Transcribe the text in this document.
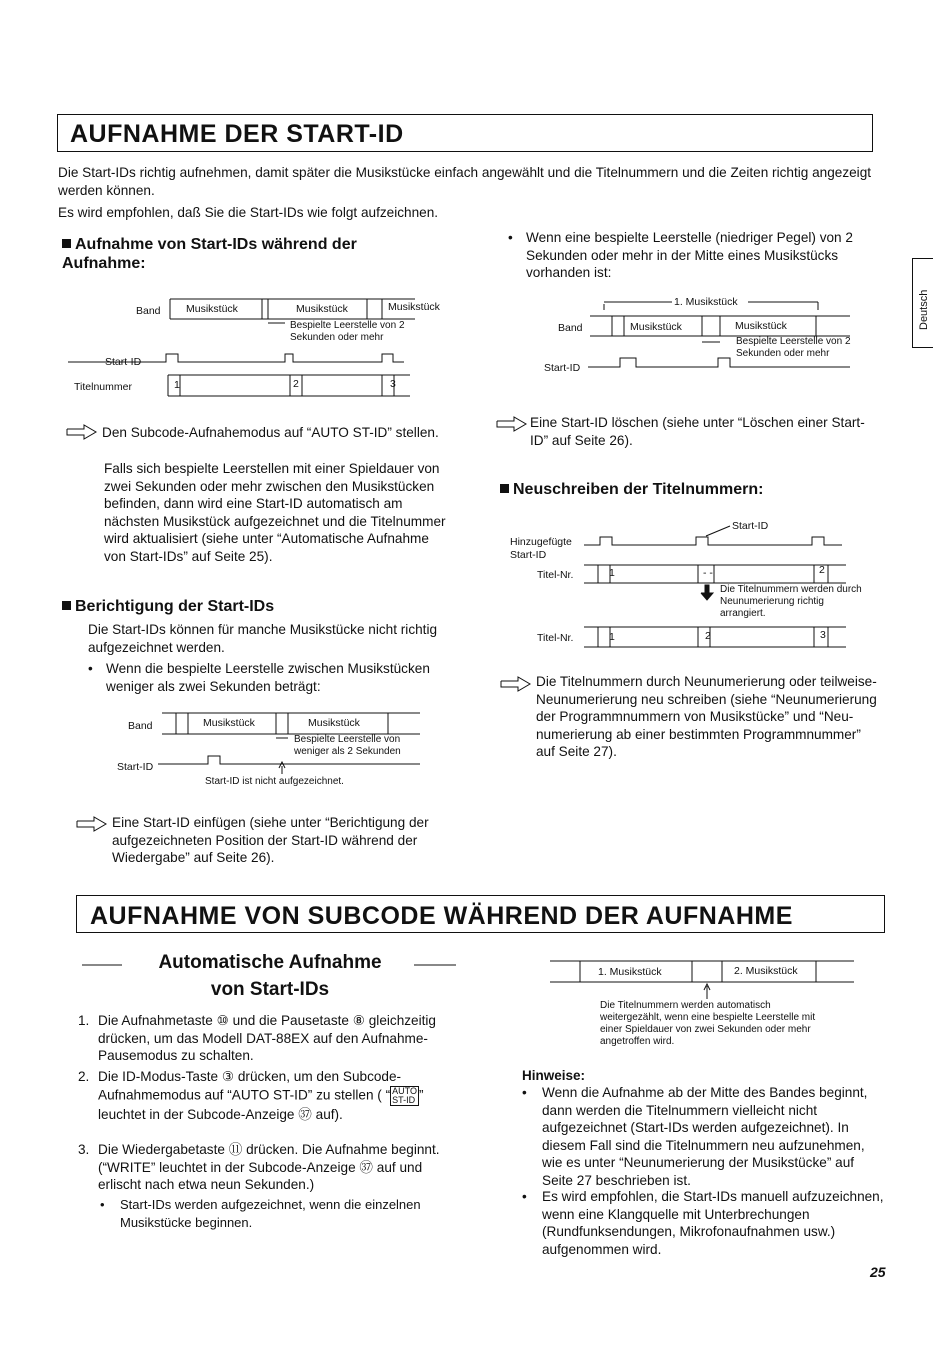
AUFNAHME DER START-ID
Die Start-IDs richtig aufnehmen, damit später die Musikstücke einfach angewählt und die Titelnummern und die Zeiten richtig angezeigt werden können.
Es wird empfohlen, daß Sie die Start-IDs wie folgt aufzeichnen.
Aufnahme von Start-IDs während der Aufnahme:
Band Musikstück	Musikstück	Musikstück
Bespielte Leerstelle von 2 Sekunden oder mehr
Start-ID
Titelnummer	1	2	3
Den Subcode-Aufnahemodus auf “AUTO ST-ID” stellen.
Falls sich bespielte Leerstellen mit einer Spieldauer von zwei Sekunden oder mehr zwischen den Musikstücken befinden, dann wird eine Start-ID automatisch am nächsten Musikstück aufgezeichnet und die Titelnummer wird aktualisiert (siehe unter “Automatische Aufnahme von Start-IDs” auf Seite 25).
Berichtigung der Start-IDs
Die Start-IDs können für manche Musikstücke nicht richtig aufgezeichnet werden.
• Wenn die bespielte Leerstelle zwischen Musikstücken weniger als zwei Sekunden beträgt:
Band	Musikstück	Musikstück
Bespielte Leerstelle von weniger als 2 Sekunden
Start-ID
Start-ID ist nicht aufgezeichnet.
Eine Start-ID einfügen (siehe unter “Berichtigung der aufgezeichneten Position der Start-ID während der Wiedergabe” auf Seite 26).
• Wenn eine bespielte Leerstelle (niedriger Pegel) von 2 Sekunden oder mehr in der Mitte eines Musikstücks vorhanden ist:
1. Musikstück
Band	Musikstück	Musikstück
Bespielte Leerstelle von 2 Sekunden oder mehr
Start-ID
Eine Start-ID löschen (siehe unter “Löschen einer Start-ID” auf Seite 26).
Neuschreiben der Titelnummern:
Hinzugefügte
Start-ID
Start-ID
Titel-Nr.	1	- -	2
Die Titelnummern werden durch Neunumerierung richtig arrangiert.
Titel-Nr.	1	2	3
Die Titelnummern durch Neunumerierung oder teilweise-Neunumerierung neu schreiben (siehe “Neunumerierung der Programmnummern von Musikstücke” und “Neu-numerierung ab einer bestimmten Programmnummer” auf Seite 27).
Deutsch
AUFNAHME VON SUBCODE WÄHREND DER AUFNAHME
Automatische Aufnahme
von Start-IDs
1. Die Aufnahmetaste ⑩ und die Pausetaste ⑧ gleichzeitig drücken, um das Modell DAT-88EX auf den Aufnahme-Pausemodus zu schalten.
2. Die ID-Modus-Taste ③ drücken, um den Subcode-Aufnahmemodus auf “AUTO ST-ID” zu stellen ( “ AUTO
ST-ID ” leuchtet in der Subcode-Anzeige ㊲ auf).
3. Die Wiedergabetaste ⑪ drücken. Die Aufnahme beginnt. (“WRITE” leuchtet in der Subcode-Anzeige ㊲ auf und erlischt nach etwa neun Sekunden.)
• Start-IDs werden aufgezeichnet, wenn die einzelnen Musikstücke beginnen.
1. Musikstück	2. Musikstück
Die Titelnummern werden automatisch weitergezählt, wenn eine bespielte Leerstelle mit einer Spieldauer von zwei Sekunden oder mehr angetroffen wird.
Hinweise:
• Wenn die Aufnahme ab der Mitte des Bandes beginnt, dann werden die Titelnummern vielleicht nicht aufgezeichnet (Start-IDs werden aufgezeichnet). In diesem Fall sind die Titelnummern neu aufzunehmen, wie es unter “Neunumerierung der Musikstücke” auf Seite 27 beschrieben ist.
• Es wird empfohlen, die Start-IDs manuell aufzuzeichnen, wenn eine Klangquelle mit Unterbrechungen (Rundfunksendungen, Mikrofonaufnahmen usw.) aufgenommen wird.
25
